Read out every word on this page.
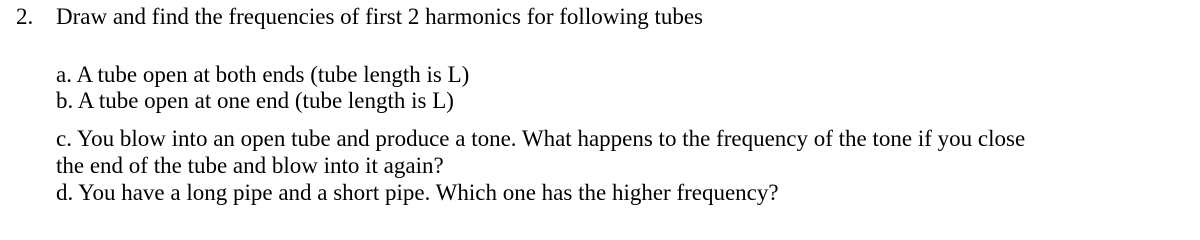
2. Draw and find the frequencies of first 2 harmonics for following tubes
a. A tube open at both ends (tube length is L)
b. A tube open at one end (tube length is L)
c. You blow into an open tube and produce a tone. What happens to the frequency of the tone if you close
the end of the tube and blow into it again?
d. You have a long pipe and a short pipe. Which one has the higher frequency?
